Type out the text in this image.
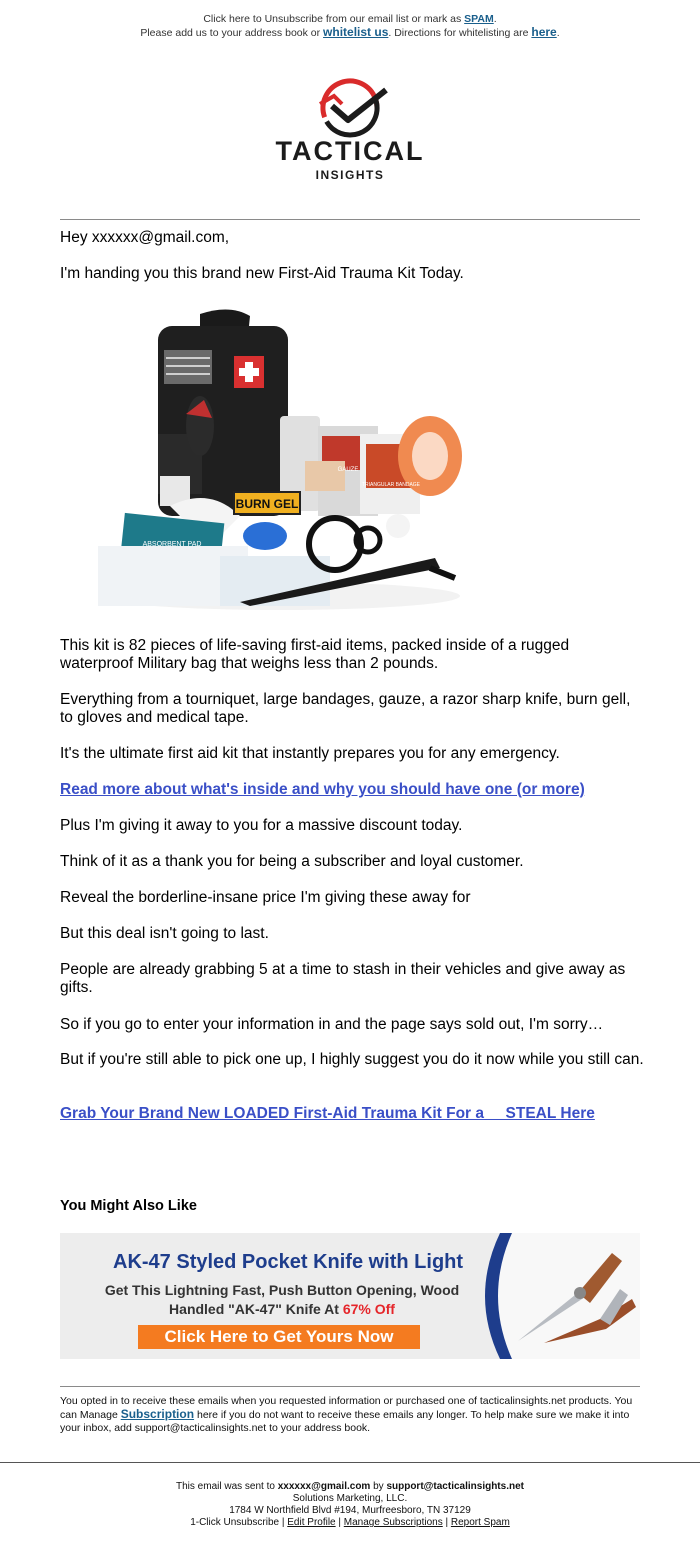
Click here to Unsubscribe from our email list or mark as SPAM.
Please add us to your address book or whitelist us. Directions for whitelisting are here.
TACTICAL
INSIGHTS

Hey xxxxxx@gmail.com,

I'm handing you this brand new First-Aid Trauma Kit Today.

BURN GEL
GAUZE
TRIANGULAR BANDAGE
ABSORBENT PAD

This kit is 82 pieces of life-saving first-aid items, packed inside of a rugged waterproof Military bag that weighs less than 2 pounds.

Everything from a tourniquet, large bandages, gauze, a razor sharp knife, burn gell, to gloves and medical tape.

It's the ultimate first aid kit that instantly prepares you for any emergency.

Read more about what's inside and why you should have one (or more)

Plus I'm giving it away to you for a massive discount today.

Think of it as a thank you for being a subscriber and loyal customer.

Reveal the borderline-insane price I'm giving these away for

But this deal isn't going to last.

People are already grabbing 5 at a time to stash in their vehicles and give away as gifts.

So if you go to enter your information in and the page says sold out, I'm sorry…

But if you're still able to pick one up, I highly suggest you do it now while you still can.

Grab Your Brand New LOADED First-Aid Trauma Kit For a     STEAL Here

You Might Also Like
AK-47 Styled Pocket Knife with Light
Get This Lightning Fast, Push Button Opening, Wood
Handled "AK-47" Knife At 67% Off
Click Here to Get Yours Now
You opted in to receive these emails when you requested information or purchased one of tacticalinsights.net products. You can Manage Subscription here if you do not want to receive these emails any longer. To help make sure we make it into your inbox, add support@tacticalinsights.net to your address book.
This email was sent to xxxxxx@gmail.com by support@tacticalinsights.net
Solutions Marketing, LLC.
1784 W Northfield Blvd #194, Murfreesboro, TN 37129
1-Click Unsubscribe | Edit Profile | Manage Subscriptions | Report Spam
